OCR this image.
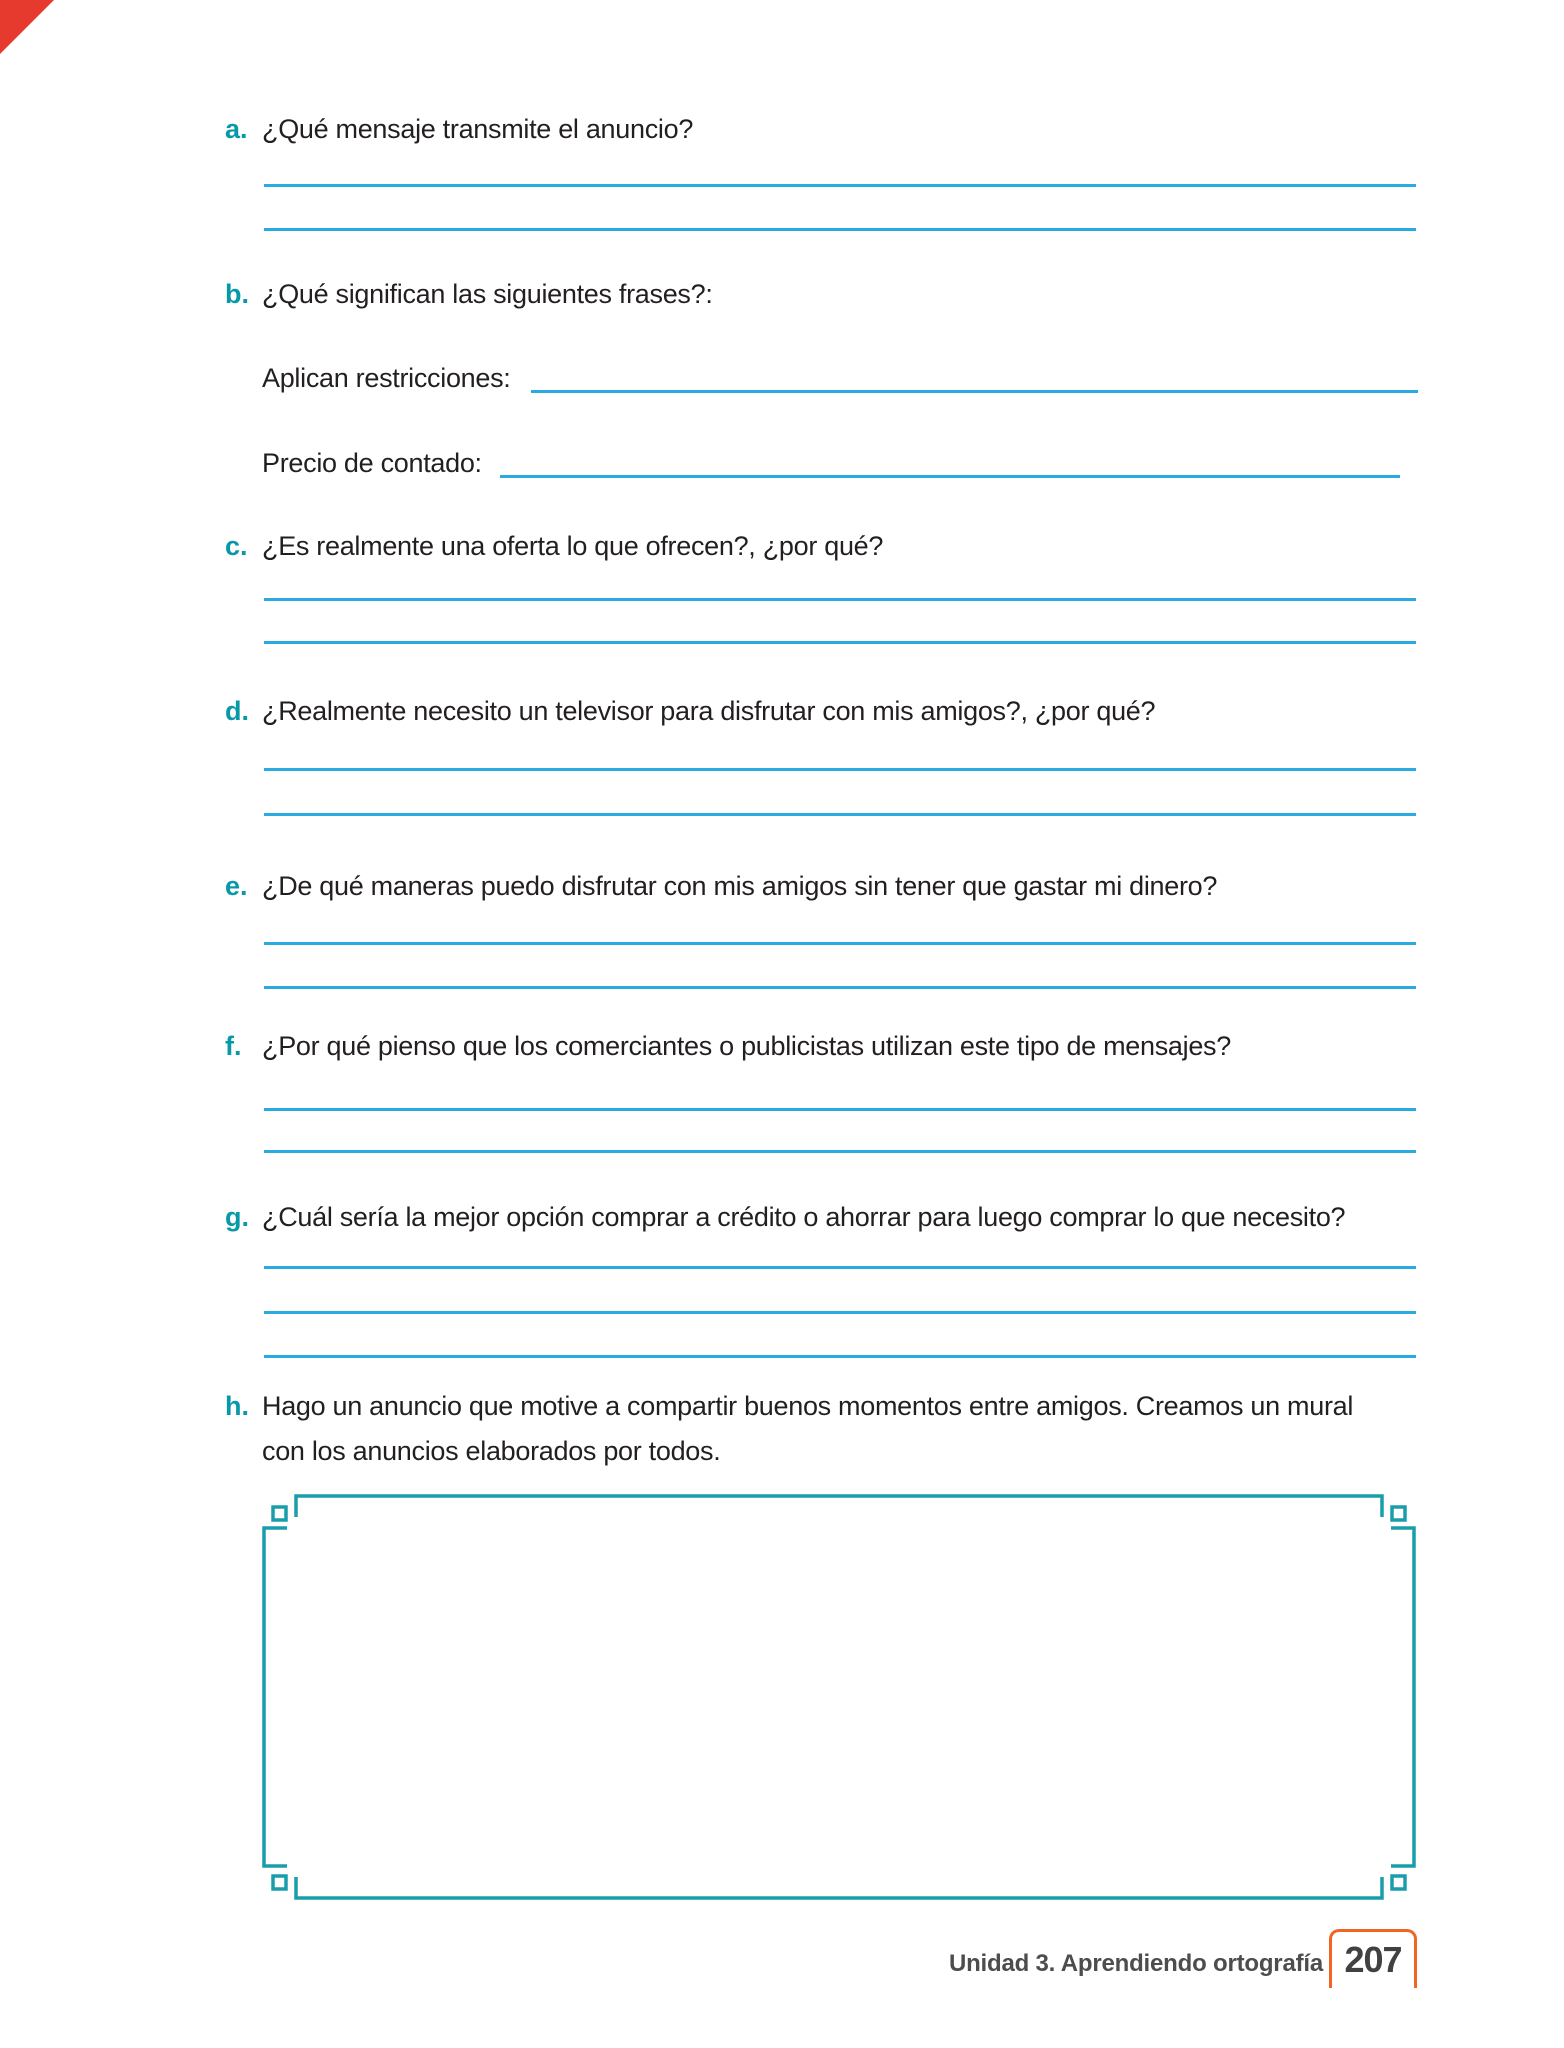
a. ¿Qué mensaje transmite el anuncio?
b. ¿Qué significan las siguientes frases?:
Aplican restricciones:
Precio de contado:
c. ¿Es realmente una oferta lo que ofrecen?, ¿por qué?
d. ¿Realmente necesito un televisor para disfrutar con mis amigos?, ¿por qué?
e. ¿De qué maneras puedo disfrutar con mis amigos sin tener que gastar mi dinero?
f. ¿Por qué pienso que los comerciantes o publicistas utilizan este tipo de mensajes?
g. ¿Cuál sería la mejor opción comprar a crédito o ahorrar para luego comprar lo que necesito?
h. Hago un anuncio que motive a compartir buenos momentos entre amigos. Creamos un mural
con los anuncios elaborados por todos.
Unidad 3. Aprendiendo ortografía 207
